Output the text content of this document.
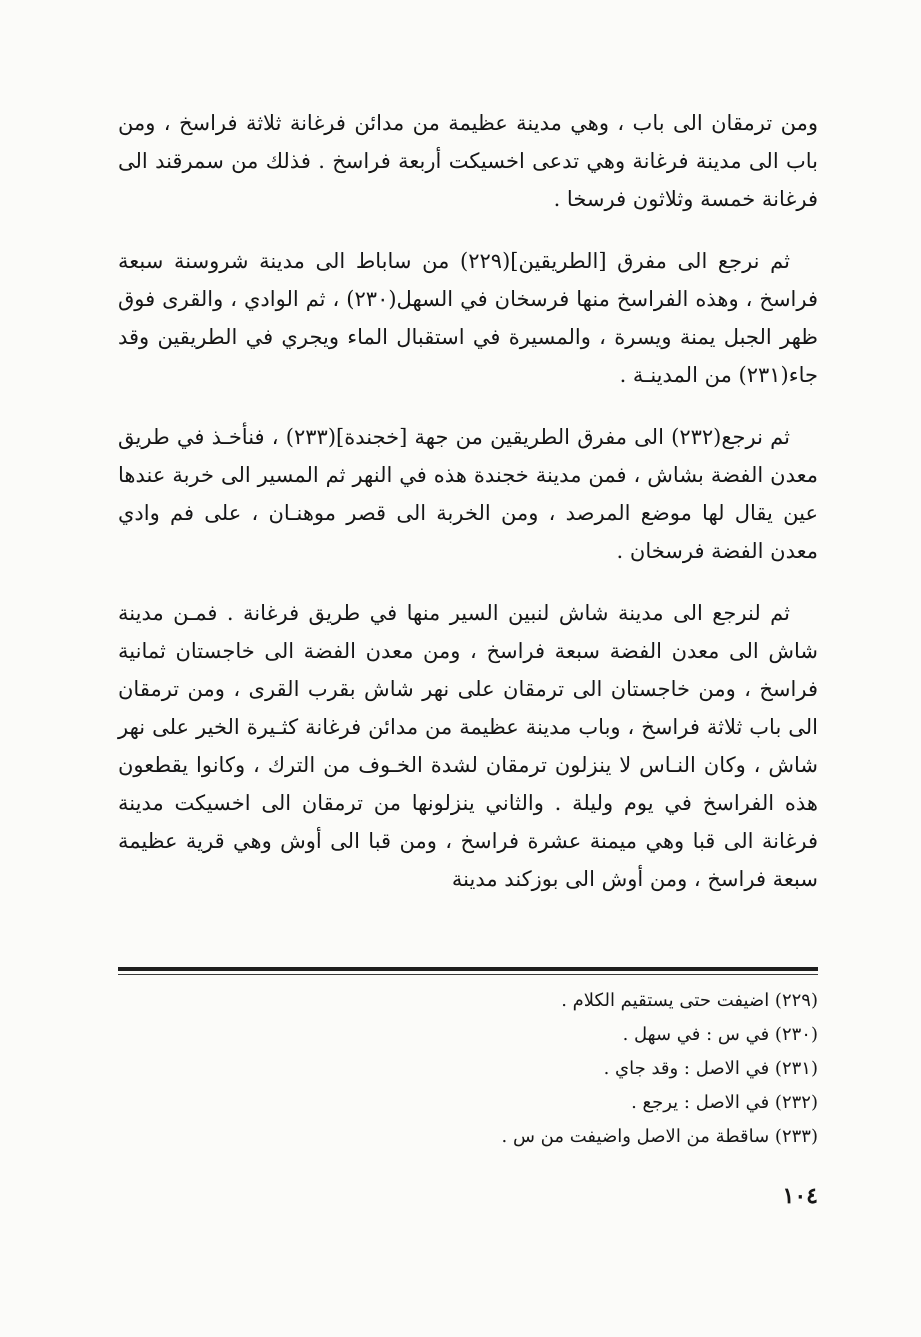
ومن ترمقان الى باب ، وهي مدينة عظيمة من مدائن فرغانة ثلاثة فراسخ ، ومن باب الى مدينة فرغانة وهي تدعى اخسيكت أربعة فراسخ . فذلك من سمرقند الى فرغانة خمسة وثلاثون فرسخا .

ثم نرجع الى مفرق [الطريقين](٢٢٩) من ساباط الى مدينة شروسنة سبعة فراسخ ، وهذه الفراسخ منها فرسخان في السهل(٢٣٠) ، ثم الوادي ، والقرى فوق ظهر الجبل يمنة ويسرة ، والمسيرة في استقبال الماء ويجري في الطريقين وقد جاء(٢٣١) من المدينـة .

ثم نرجع(٢٣٢) الى مفرق الطريقين من جهة [خجندة](٢٣٣) ، فنأخـذ في طريق معدن الفضة بشاش ، فمن مدينة خجندة هذه في النهر ثم المسير الى خربة عندها عين يقال لها موضع المرصد ، ومن الخربة الى قصر موهنـان ، على فم وادي معدن الفضة فرسخان .

ثم لنرجع الى مدينة شاش لنبين السير منها في طريق فرغانة . فمـن مدينة شاش الى معدن الفضة سبعة فراسخ ، ومن معدن الفضة الى خاجستان ثمانية فراسخ ، ومن خاجستان الى ترمقان على نهر شاش بقرب القرى ، ومن ترمقان الى باب ثلاثة فراسخ ، وباب مدينة عظيمة من مدائن فرغانة كثـيرة الخير على نهر شاش ، وكان النـاس لا ينزلون ترمقان لشدة الخـوف من الترك ، وكانوا يقطعون هذه الفراسخ في يوم وليلة . والثاني ينزلونها من ترمقان الى اخسيكت مدينة فرغانة الى قبا وهي ميمنة عشرة فراسخ ، ومن قبا الى أوش وهي قرية عظيمة سبعة فراسخ ، ومن أوش الى بوزكند مدينة

(٢٢٩) اضيفت حتى يستقيم الكلام .
(٢٣٠) في س : في سهل .
(٢٣١) في الاصل : وقد جاي .
(٢٣٢) في الاصل : يرجع .
(٢٣٣) ساقطة من الاصل واضيفت من س .
١٠٤
